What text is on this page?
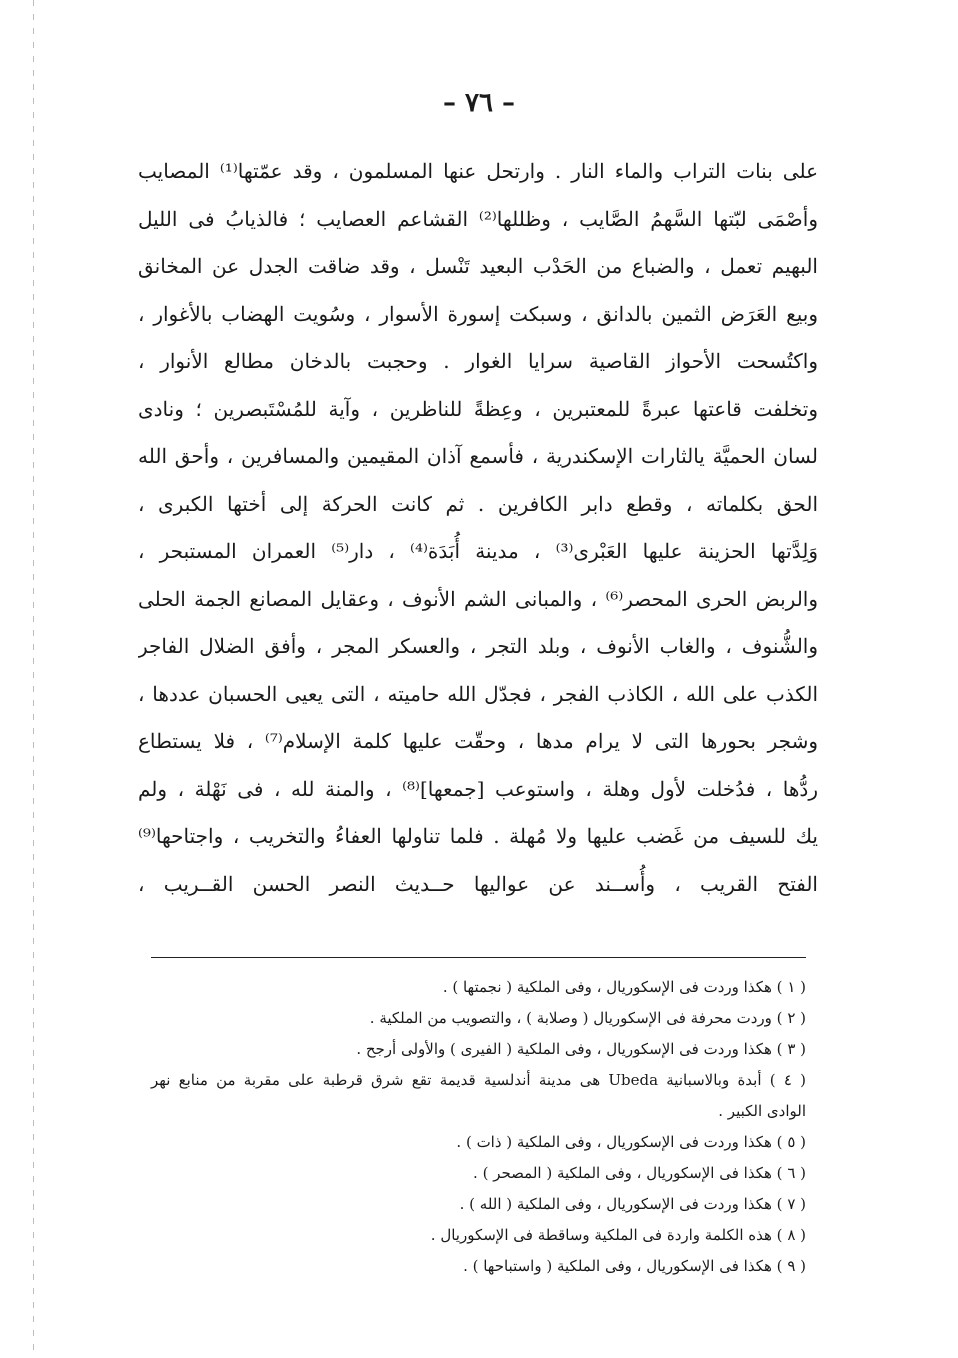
– ٧٦ –
على بنات التراب والماء النار . وارتحل عنها المسلمون ، وقد عمّتها⁽¹⁾ المصايب
وأصْمَى لبّتها السَّهمُ الصَّايب ، وظللها⁽²⁾ القشاعم العصايب ؛ فالذيابُ فى الليل
البهيم تعمل ، والضباع من الحَدْب البعيد تَنْسل ، وقد ضاقت الجدل عن المخانق
وبيع العَرَض الثمين بالدانق ، وسبكت إسورة الأسوار ، وسُويت الهضاب بالأغوار ،
واكتُسحت الأحواز القاصية سرايا الغوار . وحجبت بالدخان مطالع الأنوار ،
وتخلفت قاعتها عبرةً للمعتبرين ، وعِظةً للناظرين ، وآية للمُسْتَبصرين ؛ ونادى
لسان الحميَّة يالثارات الإسكندرية ، فأسمع آذان المقيمين والمسافرين ، وأحق الله
الحق بكلماته ، وقطع دابر الكافرين . ثم كانت الحركة إلى أختها الكبرى ،
وَلِدَّتها الحزينة عليها العَبْرى⁽³⁾ ، مدينة أُبَدَة⁽⁴⁾ ، دار⁽⁵⁾ العمران المستبحر ،
والربض الحرى المحصر⁽⁶⁾ ، والمبانى الشم الأنوف ، وعقايل المصانع الجمة الحلى
والشُّنوف ، والغاب الأنوف ، وبلد التجر ، والعسكر المجر ، وأفق الضلال الفاجر
الكذب على الله ، الكاذب الفجر ، فجدّل الله حاميته ، التى يعيى الحسبان عددها ،
وشجر بحورها التى لا يرام مدها ، وحقّت عليها كلمة الإسلام⁽⁷⁾ ، فلا يستطاع
ردُّها ، فدُخلت لأول وهلة ، واستوعب [جمعها]⁽⁸⁾ ، والمنة لله ، فى نَهْلة ، ولم
يك للسيف من غَضب عليها ولا مُهلة . فلما تناولها العفاءُ والتخريب ، واجتاحها⁽⁹⁾
الفتح القريب ، وأُســند عن عواليها حــديث النصر الحسن القــريب ،
( ١ ) هكذا وردت فى الإسكوريال ، وفى الملكية ( نجمتها ) .
( ٢ ) وردت محرفة فى الإسكوريال ( وصلابة ) ، والتصويب من الملكية .
( ٣ ) هكذا وردت فى الإسكوريال ، وفى الملكية ( الفيرى ) والأولى أرجح .
( ٤ ) أبدة وبالاسبانية Ubeda هى مدينة أندلسية قديمة تقع شرق قرطبة على مقربة من منابع نهر
الوادى الكبير .
( ٥ ) هكذا وردت فى الإسكوريال ، وفى الملكية ( ذات ) .
( ٦ ) هكذا فى الإسكوريال ، وفى الملكية ( المصحر ) .
( ٧ ) هكذا وردت فى الإسكوريال ، وفى الملكية ( الله ) .
( ٨ ) هذه الكلمة واردة فى الملكية وساقطة فى الإسكوريال .
( ٩ ) هكذا فى الإسكوريال ، وفى الملكية ( واستباحها ) .
